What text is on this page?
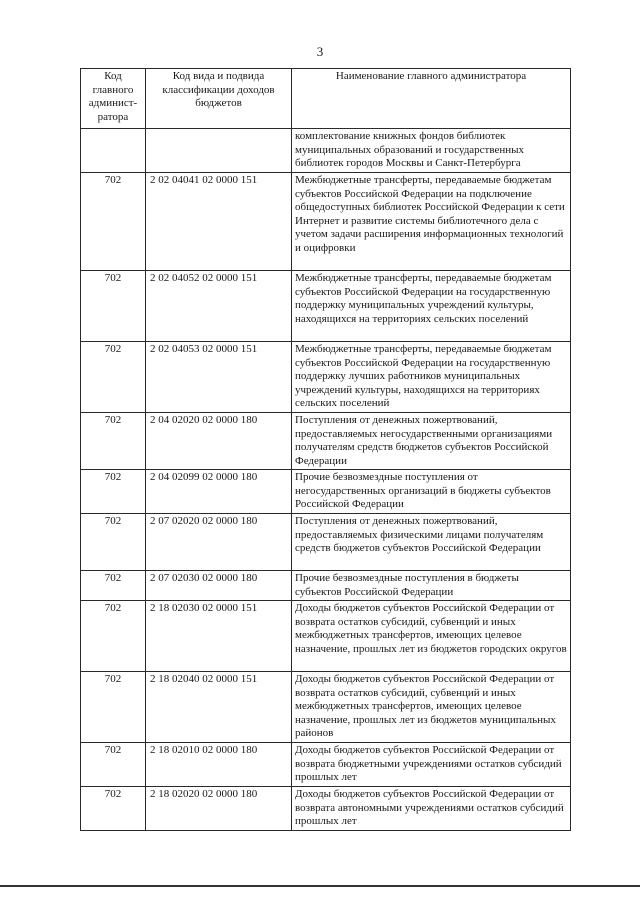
3
Код главного админист-ратора	Код вида и подвида классификации доходов бюджетов	Наименование главного администратора
		комплектование книжных фондов библиотек муниципальных образований и государственных библиотек городов Москвы и Санкт-Петербурга
702	2 02 04041 02 0000 151	Межбюджетные трансферты, передаваемые бюджетам субъектов Российской Федерации на подключение общедоступных библиотек Российской Федерации к сети Интернет и развитие системы библиотечного дела с учетом задачи расширения информационных технологий и оцифровки
702	2 02 04052 02 0000 151	Межбюджетные трансферты, передаваемые бюджетам субъектов Российской Федерации на государственную поддержку муниципальных учреждений культуры, находящихся на территориях сельских поселений
702	2 02 04053 02 0000 151	Межбюджетные трансферты, передаваемые бюджетам субъектов Российской Федерации на государственную поддержку лучших работников муниципальных учреждений культуры, находящихся на территориях сельских поселений
702	2 04 02020 02 0000 180	Поступления от денежных пожертвований, предоставляемых негосударственными организациями получателям средств бюджетов субъектов Российской Федерации
702	2 04 02099 02 0000 180	Прочие безвозмездные поступления от негосударственных организаций в бюджеты субъектов Российской Федерации
702	2 07 02020 02 0000 180	Поступления от денежных пожертвований, предоставляемых физическими лицами получателям средств бюджетов субъектов Российской Федерации
702	2 07 02030 02 0000 180	Прочие безвозмездные поступления в бюджеты субъектов Российской Федерации
702	2 18 02030 02 0000 151	Доходы бюджетов субъектов Российской Федерации от возврата остатков субсидий, субвенций и иных межбюджетных трансфертов, имеющих целевое назначение, прошлых лет из бюджетов городских округов
702	2 18 02040 02 0000 151	Доходы бюджетов субъектов Российской Федерации от возврата остатков субсидий, субвенций и иных межбюджетных трансфертов, имеющих целевое назначение, прошлых лет из бюджетов муниципальных районов
702	2 18 02010 02 0000 180	Доходы бюджетов субъектов Российской Федерации от возврата бюджетными учреждениями остатков субсидий прошлых лет
702	2 18 02020 02 0000 180	Доходы бюджетов субъектов Российской Федерации от возврата автономными учреждениями остатков субсидий прошлых лет
